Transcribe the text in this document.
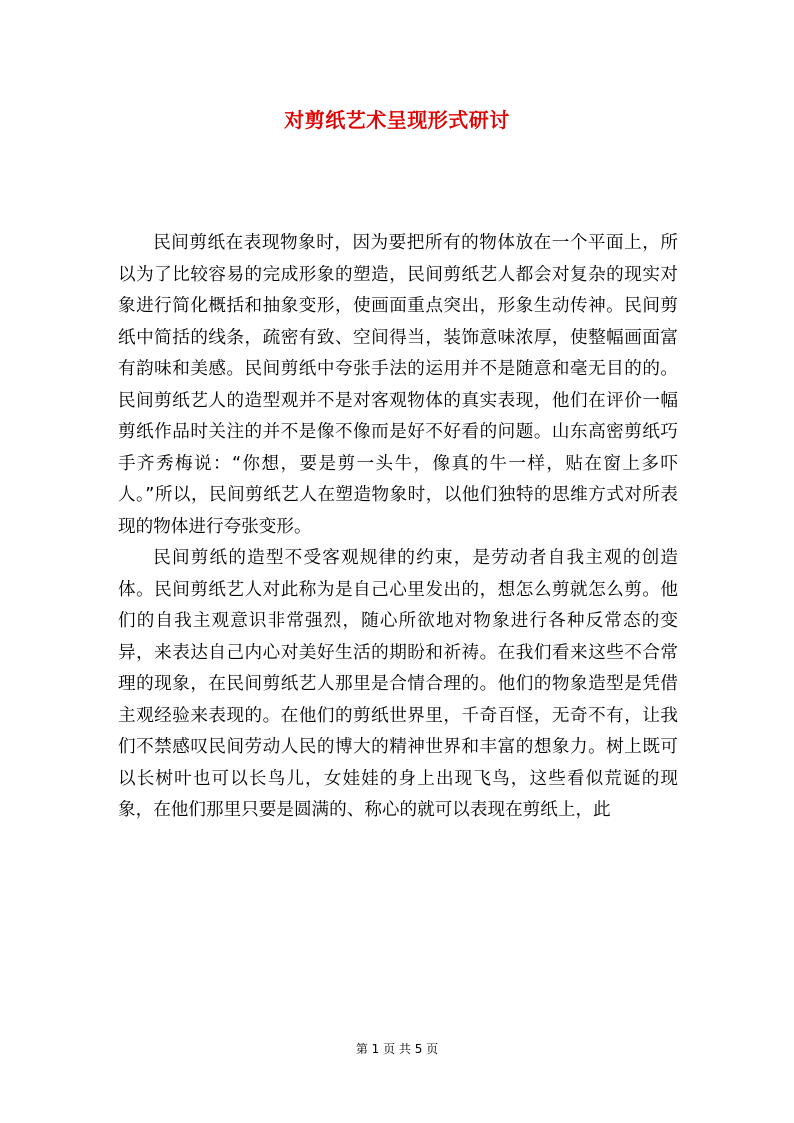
对剪纸艺术呈现形式研讨

民间剪纸在表现物象时，因为要把所有的物体放在一个平面上，所以为了比较容易的完成形象的塑造，民间剪纸艺人都会对复杂的现实对象进行简化概括和抽象变形，使画面重点突出，形象生动传神。民间剪纸中简括的线条，疏密有致、空间得当，装饰意味浓厚，使整幅画面富有韵味和美感。民间剪纸中夸张手法的运用并不是随意和毫无目的的。民间剪纸艺人的造型观并不是对客观物体的真实表现，他们在评价一幅剪纸作品时关注的并不是像不像而是好不好看的问题。山东高密剪纸巧手齐秀梅说：“你想，要是剪一头牛，像真的牛一样，贴在窗上多吓人。”所以，民间剪纸艺人在塑造物象时，以他们独特的思维方式对所表现的物体进行夸张变形。

民间剪纸的造型不受客观规律的约束，是劳动者自我主观的创造体。民间剪纸艺人对此称为是自己心里发出的，想怎么剪就怎么剪。他们的自我主观意识非常强烈，随心所欲地对物象进行各种反常态的变异，来表达自己内心对美好生活的期盼和祈祷。在我们看来这些不合常理的现象，在民间剪纸艺人那里是合情合理的。他们的物象造型是凭借主观经验来表现的。在他们的剪纸世界里，千奇百怪，无奇不有，让我们不禁感叹民间劳动人民的博大的精神世界和丰富的想象力。树上既可以长树叶也可以长鸟儿，女娃娃的身上出现飞鸟，这些看似荒诞的现象，在他们那里只要是圆满的、称心的就可以表现在剪纸上，此

第 1 页 共 5 页
